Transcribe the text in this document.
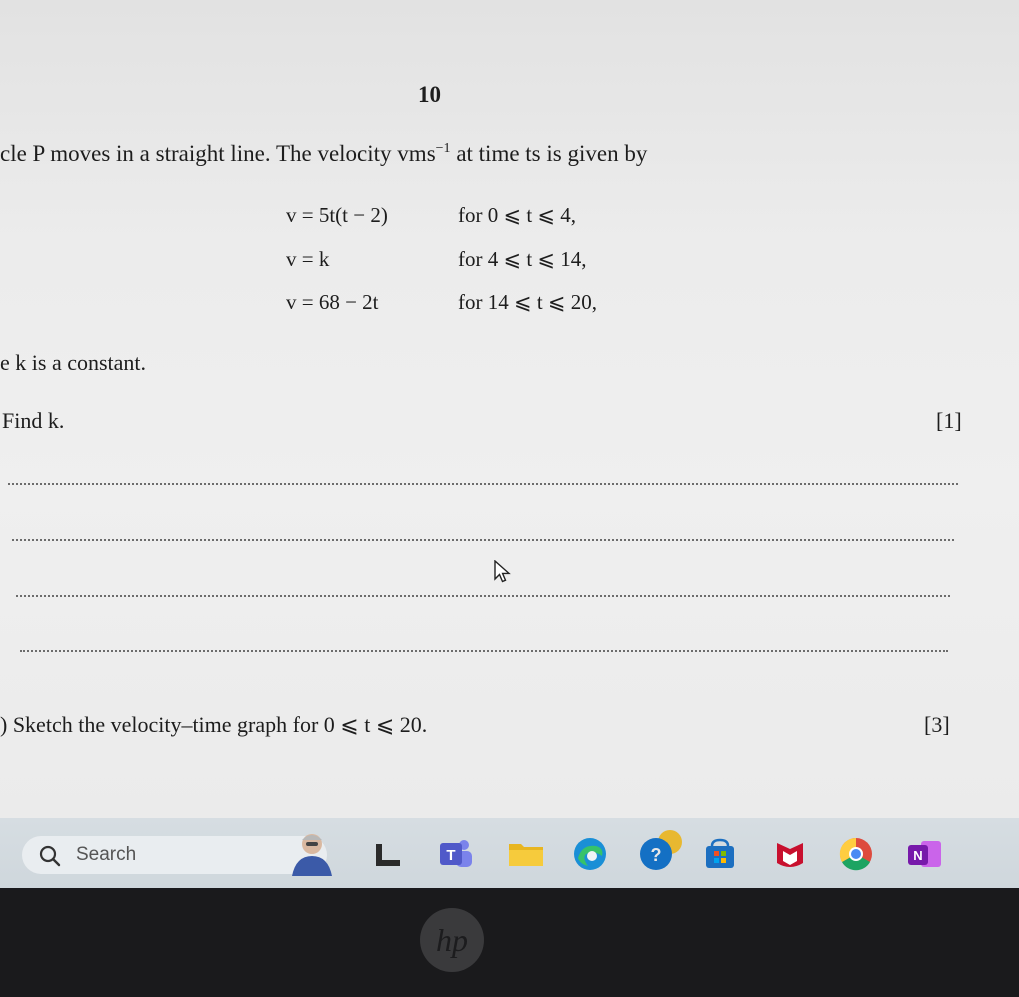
10
cle P moves in a straight line. The velocity vms$^{-1}$ at time ts is given by
v = 5t(t − 2)	for 0 ⩽ t ⩽ 4,
v = k	for 4 ⩽ t ⩽ 14,
v = 68 − 2t	for 14 ⩽ t ⩽ 20,
e k is a constant.
Find k.	[1]
) Sketch the velocity–time graph for 0 ⩽ t ⩽ 20.	[3]
Search	T	?	N
hp
